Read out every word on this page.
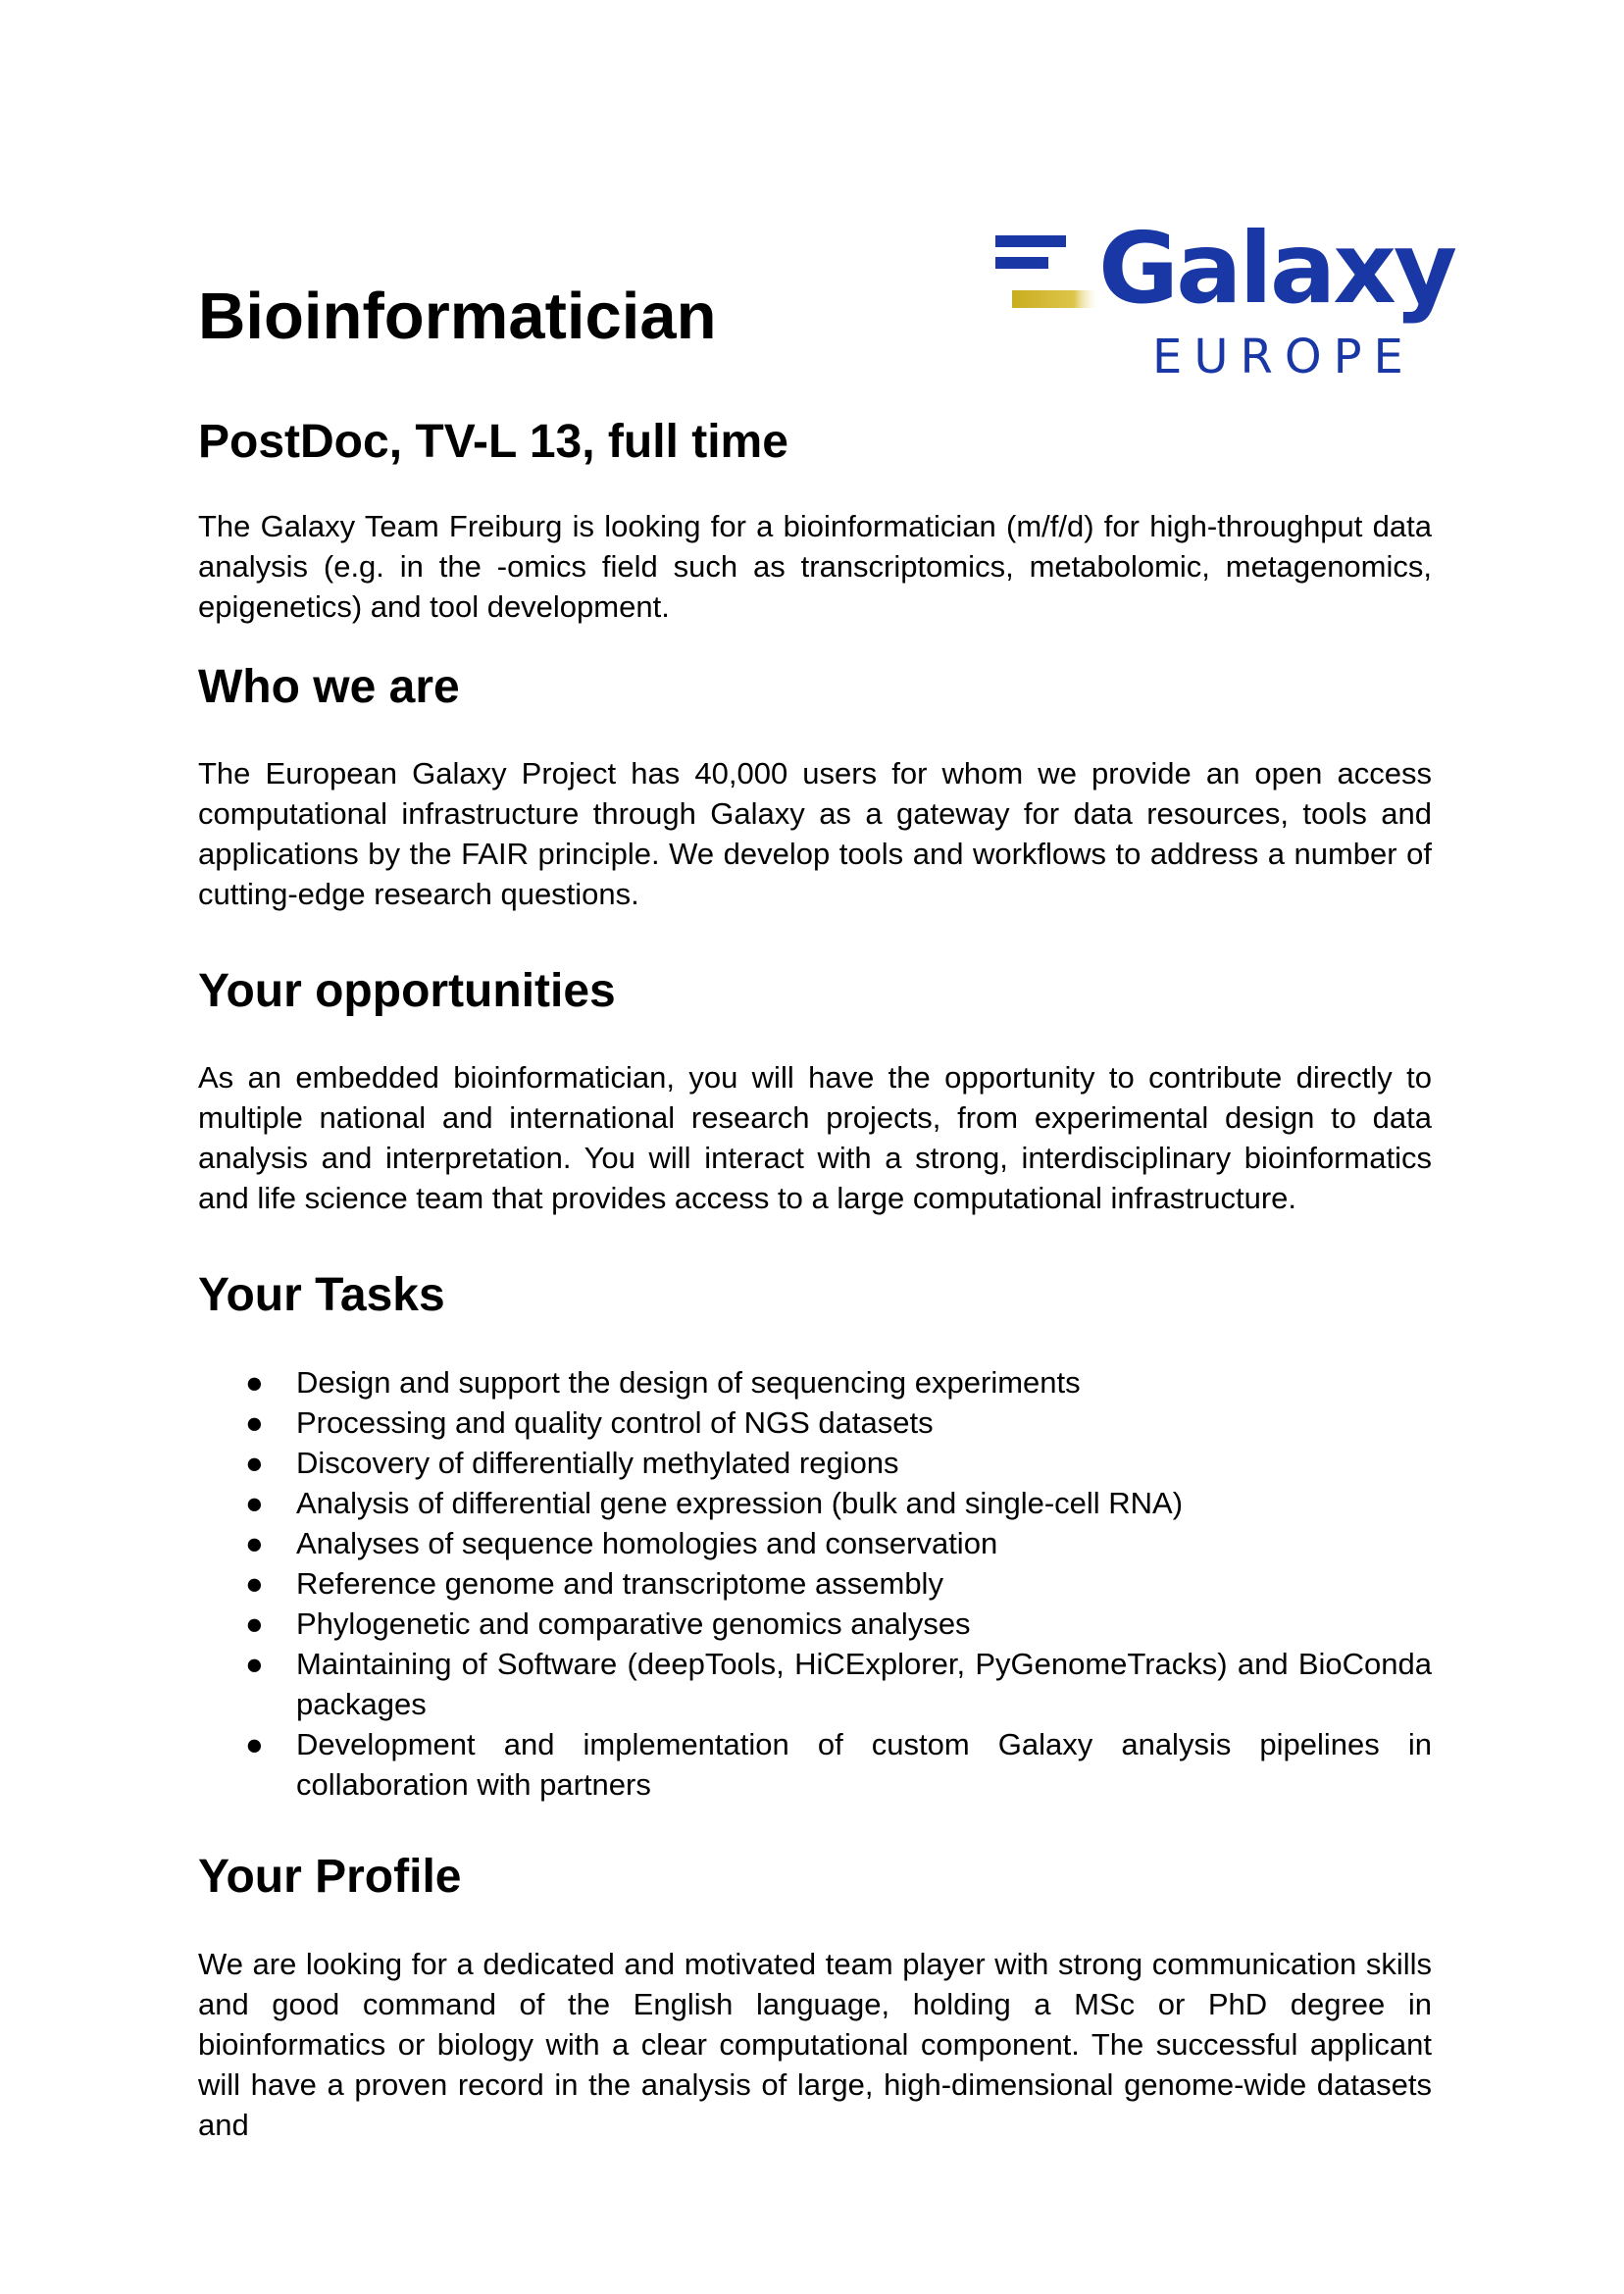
Bioinformatician	Galaxy
EUROPE
PostDoc, TV-L 13, full time

The Galaxy Team Freiburg is looking for a bioinformatician (m/f/d) for high-throughput data analysis (e.g. in the -omics field such as transcriptomics, metabolomic, metagenomics, epigenetics) and tool development.

Who we are

The European Galaxy Project has 40,000 users for whom we provide an open access computational infrastructure through Galaxy as a gateway for data resources, tools and applications by the FAIR principle. We develop tools and workflows to address a number of cutting-edge research questions.

Your opportunities

As an embedded bioinformatician, you will have the opportunity to contribute directly to multiple national and international research projects, from experimental design to data analysis and interpretation. You will interact with a strong, interdisciplinary bioinformatics and life science team that provides access to a large computational infrastructure.

Your Tasks
● Design and support the design of sequencing experiments
● Processing and quality control of NGS datasets
● Discovery of differentially methylated regions
● Analysis of differential gene expression (bulk and single-cell RNA)
● Analyses of sequence homologies and conservation
● Reference genome and transcriptome assembly
● Phylogenetic and comparative genomics analyses
● Maintaining of Software (deepTools, HiCExplorer, PyGenomeTracks) and BioConda packages
● Development and implementation of custom Galaxy analysis pipelines in collaboration with partners
Your Profile

We are looking for a dedicated and motivated team player with strong communication skills and good command of the English language, holding a MSc or PhD degree in bioinformatics or biology with a clear computational component. The successful applicant will have a proven record in the analysis of large, high-dimensional genome-wide datasets and
